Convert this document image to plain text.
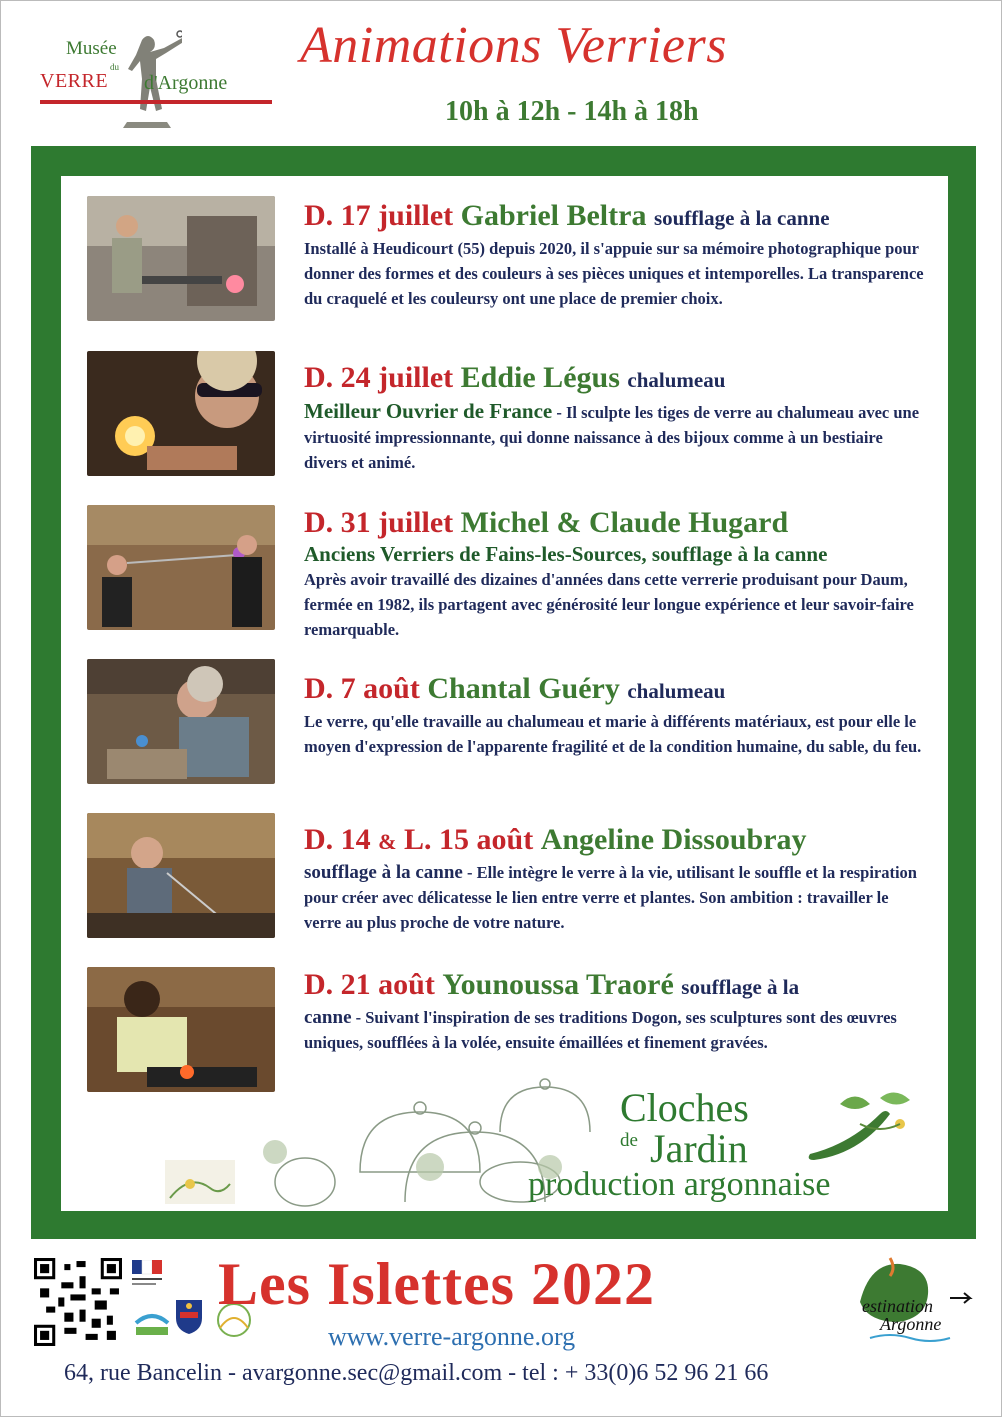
Musée
du
VERRE d'Argonne
Animations Verriers
10h à 12h - 14h à 18h
D. 17 juillet Gabriel Beltra soufflage à la canne
Installé à Heudicourt (55) depuis 2020, il s'appuie sur sa mémoire photographique pour donner des formes et des couleurs à ses pièces uniques et intemporelles. La transparence du craquelé et les couleursy ont une place de premier choix.
D. 24 juillet Eddie Légus chalumeau
Meilleur Ouvrier de France - Il sculpte les tiges de verre au chalumeau avec une virtuosité impressionnante, qui donne naissance à des bijoux comme à un bestiaire divers et animé.
D. 31 juillet Michel & Claude Hugard
Anciens Verriers de Fains-les-Sources, soufflage à la canne
Après avoir travaillé des dizaines d'années dans cette verrerie produisant pour Daum, fermée en 1982, ils partagent avec générosité leur longue expérience et leur savoir-faire remarquable.
D. 7 août Chantal Guéry chalumeau
Le verre, qu'elle travaille au chalumeau et marie à différents matériaux, est pour elle le moyen d'expression de l'apparente fragilité et de la condition humaine, du sable, du feu.
D. 14 & L. 15 août Angeline Dissoubray
soufflage à la canne - Elle intègre le verre à la vie, utilisant le souffle et la respiration pour créer avec délicatesse le lien entre verre et plantes. Son ambition : travailler le verre au plus proche de votre nature.
D. 21 août Younoussa Traoré soufflage à la
canne - Suivant l'inspiration de ses traditions Dogon, ses sculptures sont des œuvres uniques, soufflées à la volée, ensuite émaillées et finement gravées.
Cloches
de Jardin
production argonnaise
Les Islettes 2022
www.verre-argonne.org
estination
Argonne
64, rue Bancelin - avargonne.sec@gmail.com - tel : + 33(0)6 52 96 21 66
